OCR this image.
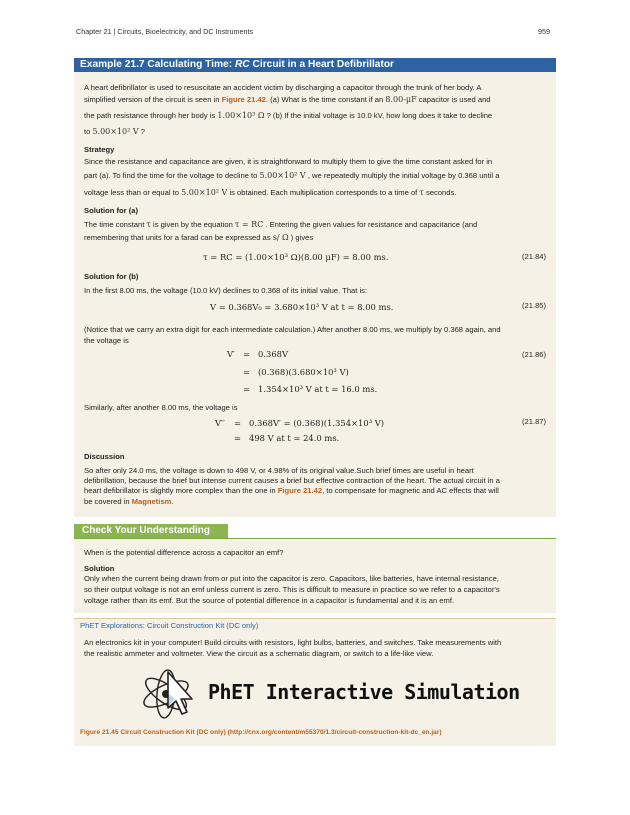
Chapter 21 | Circuits, Bioelectricity, and DC Instruments	959
Example 21.7 Calculating Time: RC Circuit in a Heart Defibrillator
A heart defibrillator is used to resuscitate an accident victim by discharging a capacitor through the trunk of her body. A
simplified version of the circuit is seen in Figure 21.42. (a) What is the time constant if an 8.00-μF capacitor is used and
the path resistance through her body is 1.00×10³ Ω ? (b) If the initial voltage is 10.0 kV, how long does it take to decline
to 5.00×10² V ?
Strategy
Since the resistance and capacitance are given, it is straightforward to multiply them to give the time constant asked for in
part (a). To find the time for the voltage to decline to 5.00×10² V , we repeatedly multiply the initial voltage by 0.368 until a
voltage less than or equal to 5.00×10² V is obtained. Each multiplication corresponds to a time of τ seconds.
Solution for (a)
The time constant τ is given by the equation τ = RC . Entering the given values for resistance and capacitance (and
remembering that units for a farad can be expressed as s/ Ω ) gives
τ = RC = (1.00×10³ Ω)(8.00 μF) = 8.00 ms.	(21.84)
Solution for (b)
In the first 8.00 ms, the voltage (10.0 kV) declines to 0.368 of its initial value. That is:
V = 0.368V₀ = 3.680×10³ V at t = 8.00 ms.	(21.85)
(Notice that we carry an extra digit for each intermediate calculation.) After another 8.00 ms, we multiply by 0.368 again, and
the voltage is
V′ = 0.368V
= (0.368)(3.680×10³ V)
= 1.354×10³ V at t = 16.0 ms.
(21.86)
Similarly, after another 8.00 ms, the voltage is
V′′ = 0.368V′ = (0.368)(1.354×10³ V)
= 498 V at t = 24.0 ms.
(21.87)
Discussion
So after only 24.0 ms, the voltage is down to 498 V, or 4.98% of its original value.Such brief times are useful in heart
defibrillation, because the brief but intense current causes a brief but effective contraction of the heart. The actual circuit in a
heart defibrillator is slightly more complex than the one in Figure 21.42, to compensate for magnetic and AC effects that will
be covered in Magnetism.
Check Your Understanding
When is the potential difference across a capacitor an emf?
Solution
Only when the current being drawn from or put into the capacitor is zero. Capacitors, like batteries, have internal resistance,
so their output voltage is not an emf unless current is zero. This is difficult to measure in practice so we refer to a capacitor's
voltage rather than its emf. But the source of potential difference in a capacitor is fundamental and it is an emf.
PhET Explorations: Circuit Construction Kit (DC only)
An electronics kit in your computer! Build circuits with resistors, light bulbs, batteries, and switches. Take measurements with
the realistic ammeter and voltmeter. View the circuit as a schematic diagram, or switch to a life-like view.
PhET Interactive Simulation
Figure 21.45 Circuit Construction Kit (DC only) (http://cnx.org/content/m55370/1.3/circuit-construction-kit-dc_en.jar)
